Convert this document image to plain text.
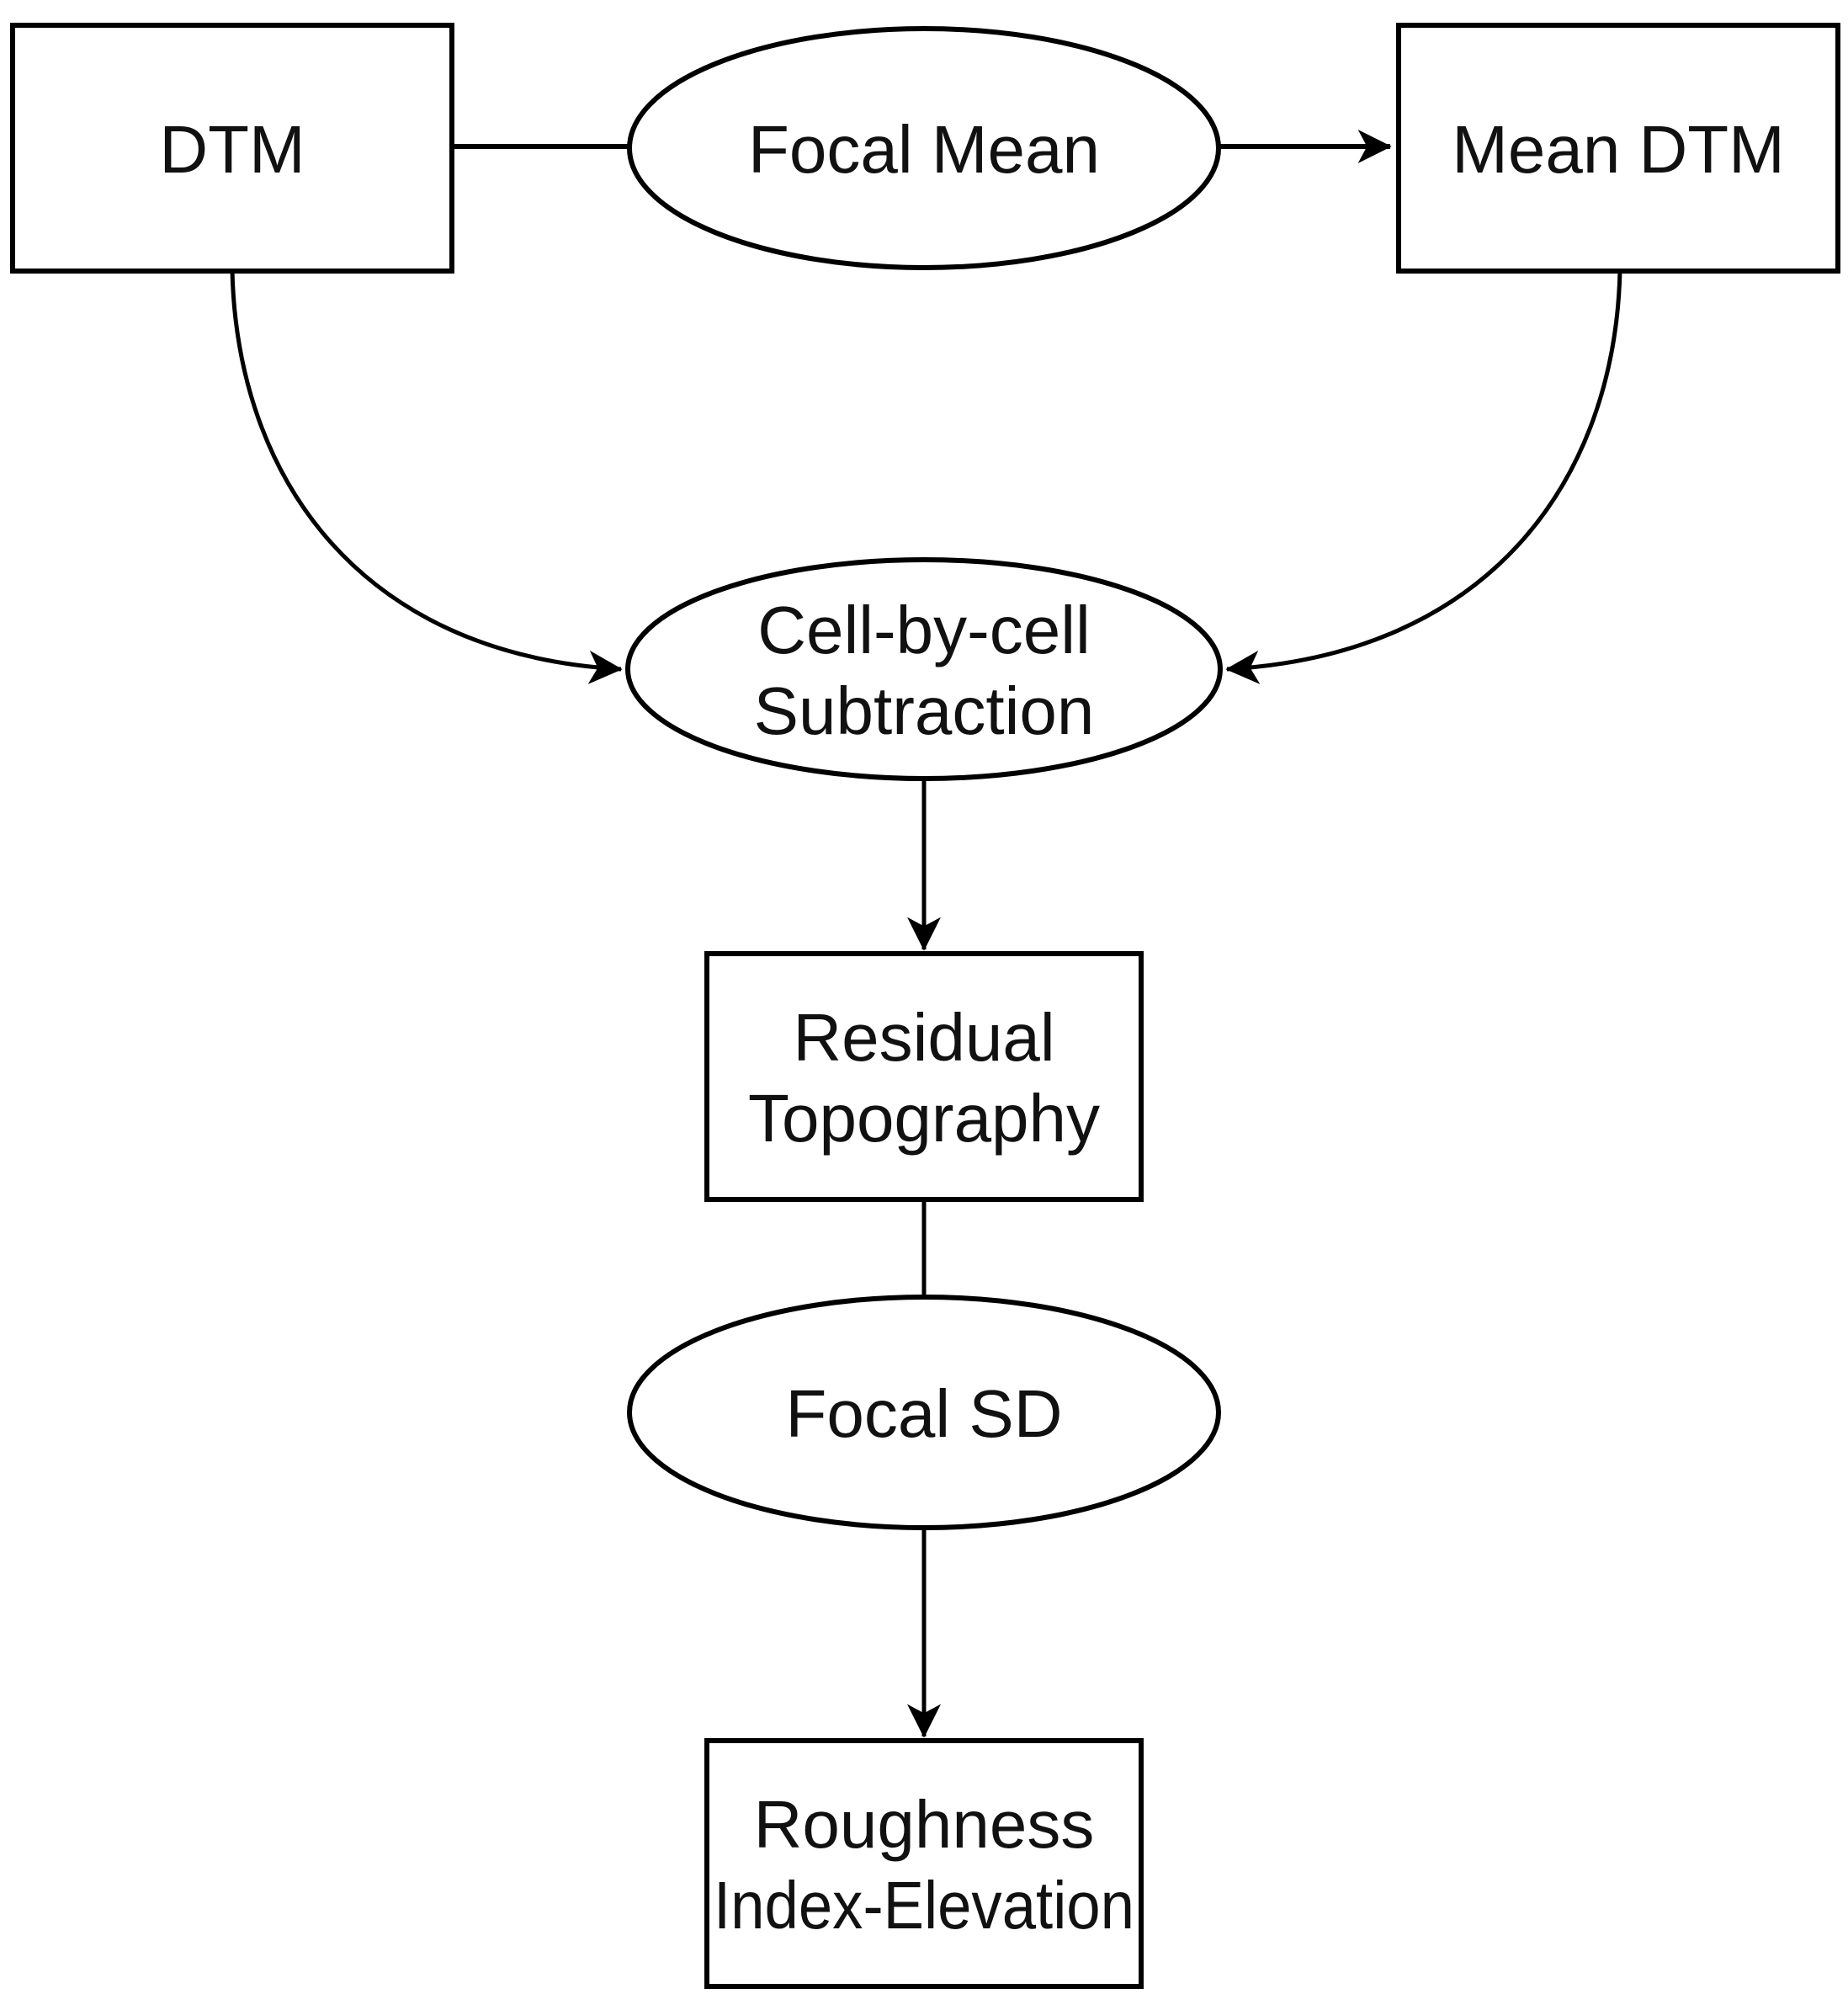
DTM	Focal Mean	Mean DTM
Cell-by-cell
Subtraction
Residual
Topography
Focal SD
Roughness
Index-Elevation
